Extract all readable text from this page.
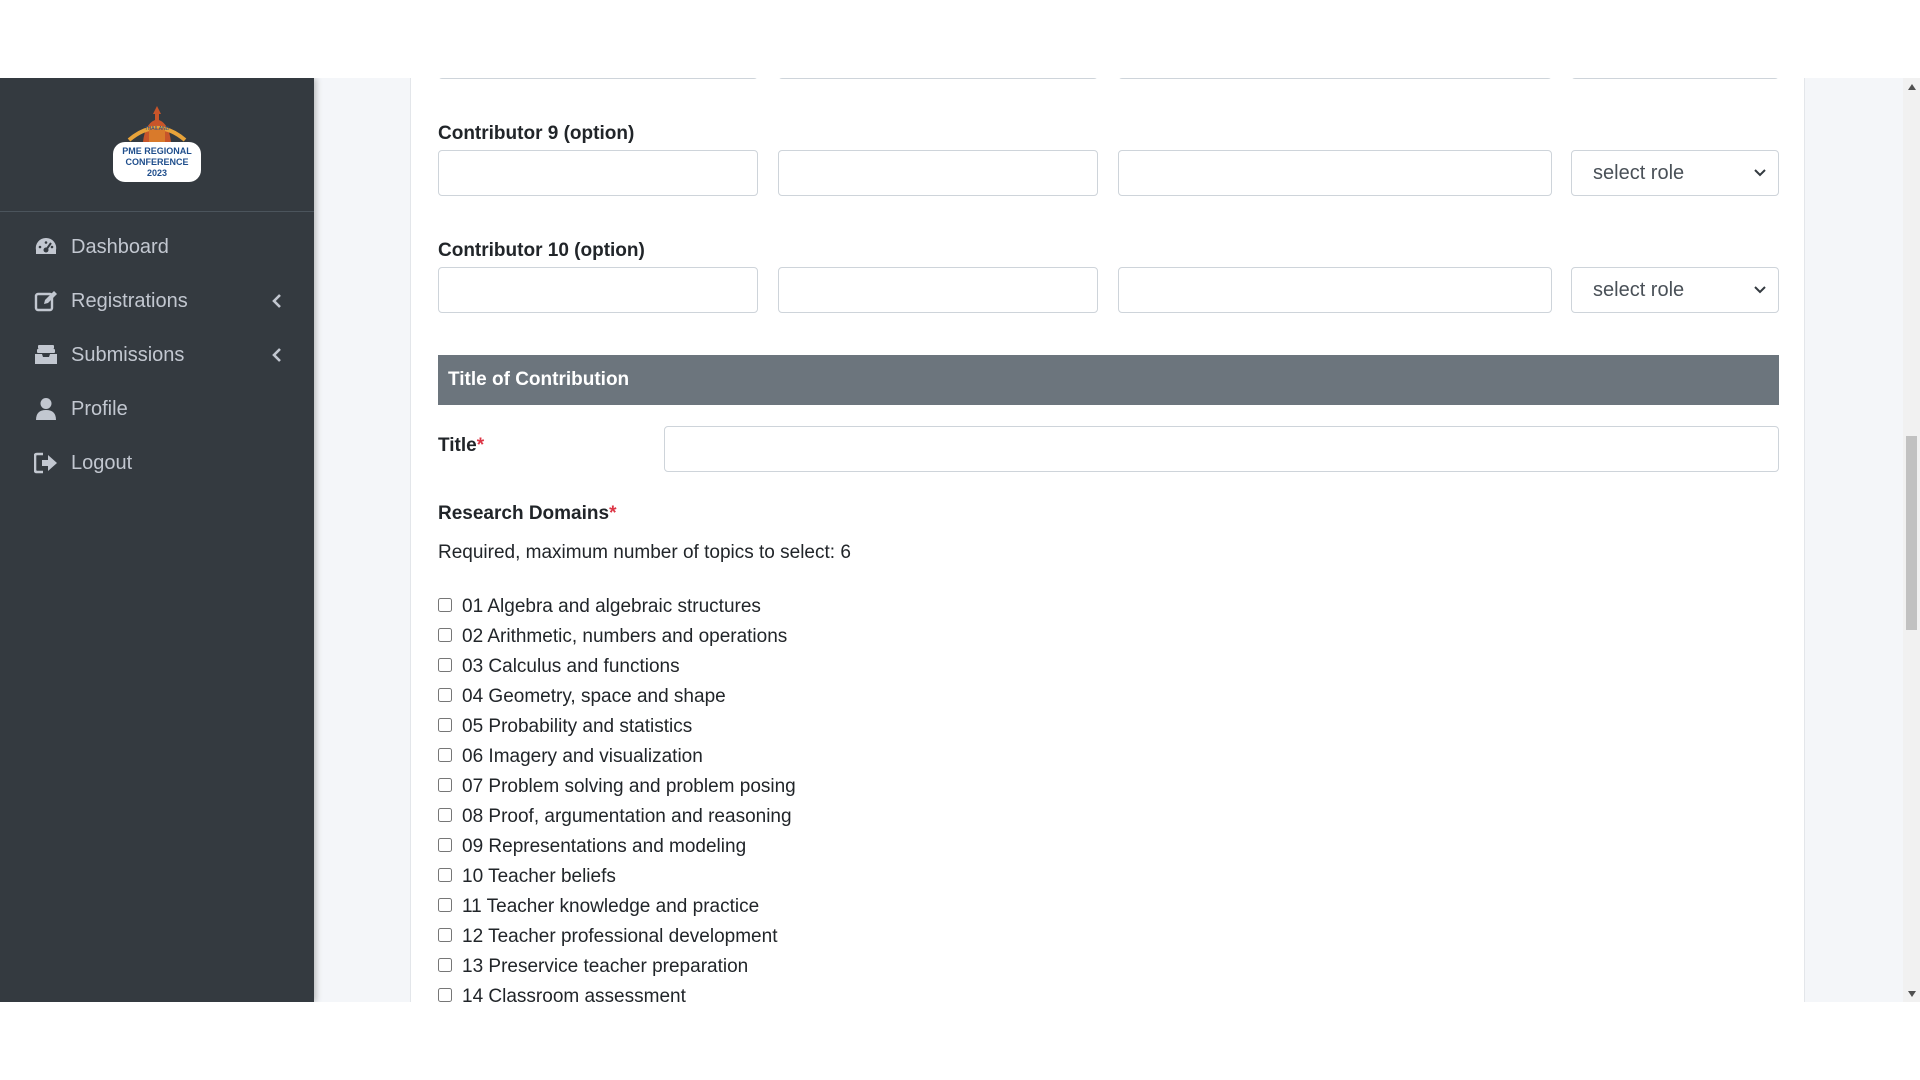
THAILAND
PME REGIONAL
CONFERENCE
2023
Dashboard
Registrations
Submissions
Profile
Logout
Contributor 9 (option)
select role
Contributor 10 (option)
select role
Title of Contribution
Title*
Research Domains*
Required, maximum number of topics to select: 6
01 Algebra and algebraic structures
02 Arithmetic, numbers and operations
03 Calculus and functions
04 Geometry, space and shape
05 Probability and statistics
06 Imagery and visualization
07 Problem solving and problem posing
08 Proof, argumentation and reasoning
09 Representations and modeling
10 Teacher beliefs
11 Teacher knowledge and practice
12 Teacher professional development
13 Preservice teacher preparation
14 Classroom assessment
